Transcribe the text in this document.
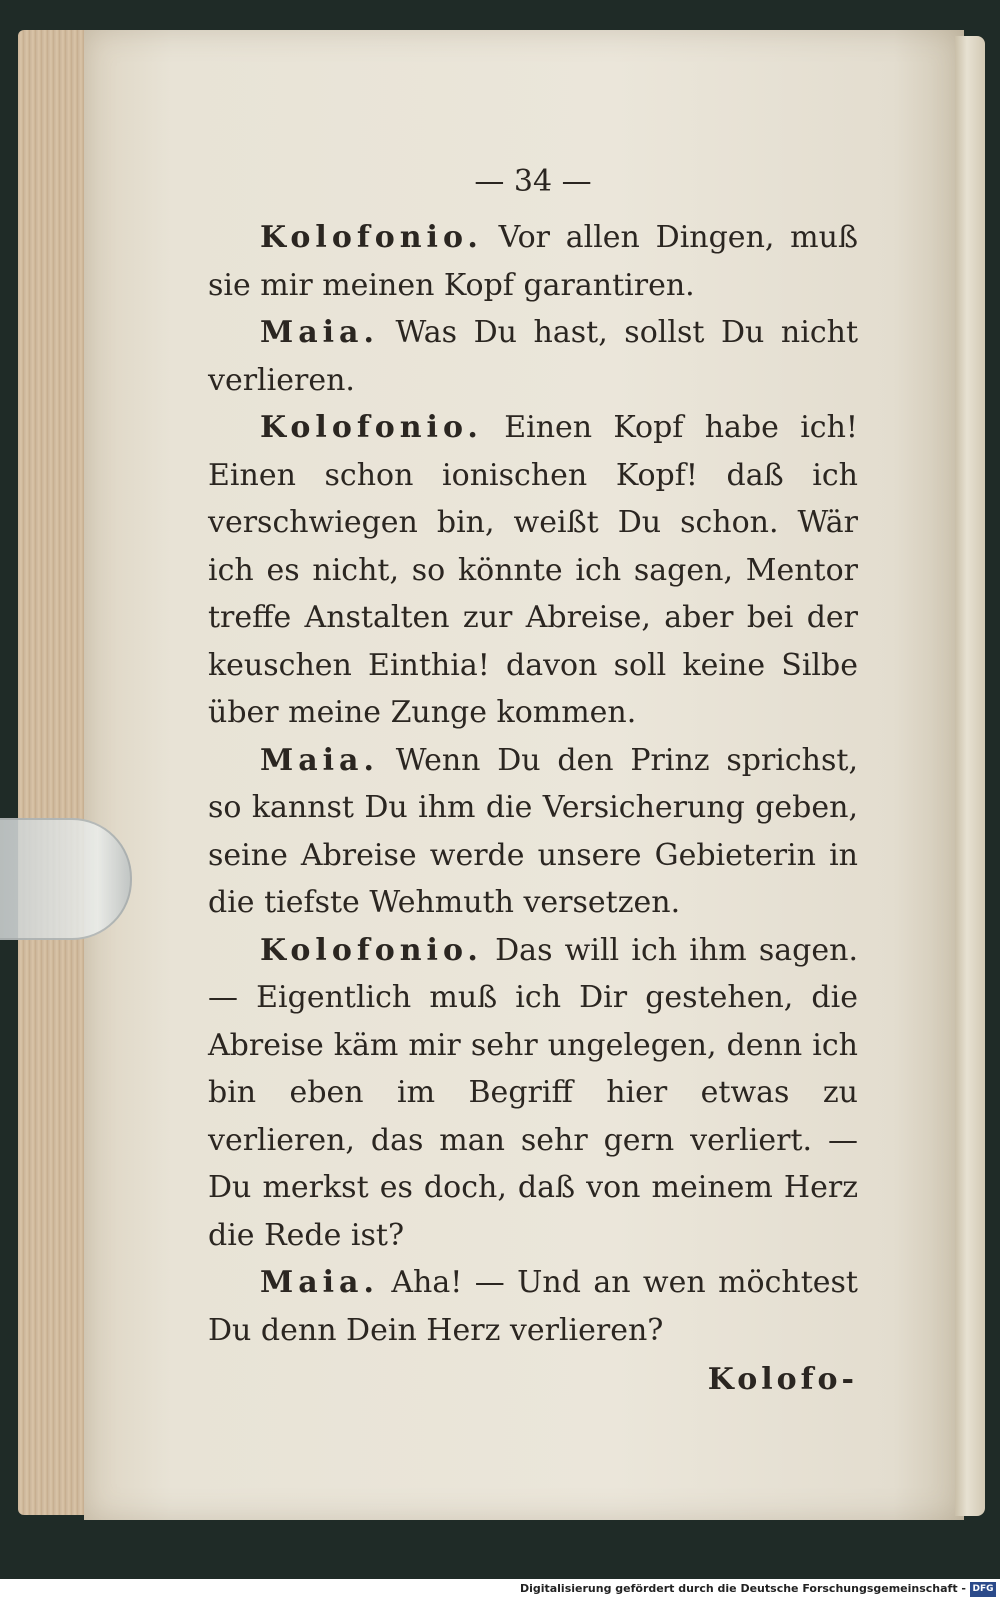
— 34 —

Kolofonio. Vor allen Dingen, muß sie mir meinen Kopf garantiren.

Maia. Was Du hast, sollst Du nicht verlieren.

Kolofonio. Einen Kopf habe ich! Einen schon ionischen Kopf! daß ich verschwiegen bin, weißt Du schon. Wär ich es nicht, so könnte ich sagen, Mentor treffe Anstalten zur Abreise, aber bei der keuschen Einthia! davon soll keine Silbe über meine Zunge kommen.

Maia. Wenn Du den Prinz sprichst, so kannst Du ihm die Versicherung geben, seine Abreise werde unsere Gebieterin in die tiefste Wehmuth versetzen.

Kolofonio. Das will ich ihm sagen. — Eigentlich muß ich Dir gestehen, die Abreise käm mir sehr ungelegen, denn ich bin eben im Begriff hier etwas zu verlieren, das man sehr gern verliert. — Du merkst es doch, daß von meinem Herz die Rede ist?

Maia. Aha! — Und an wen möchtest Du denn Dein Herz verlieren?

Kolofo-
Digitalisierung gefördert durch die Deutsche Forschungsgemeinschaft - DFG
